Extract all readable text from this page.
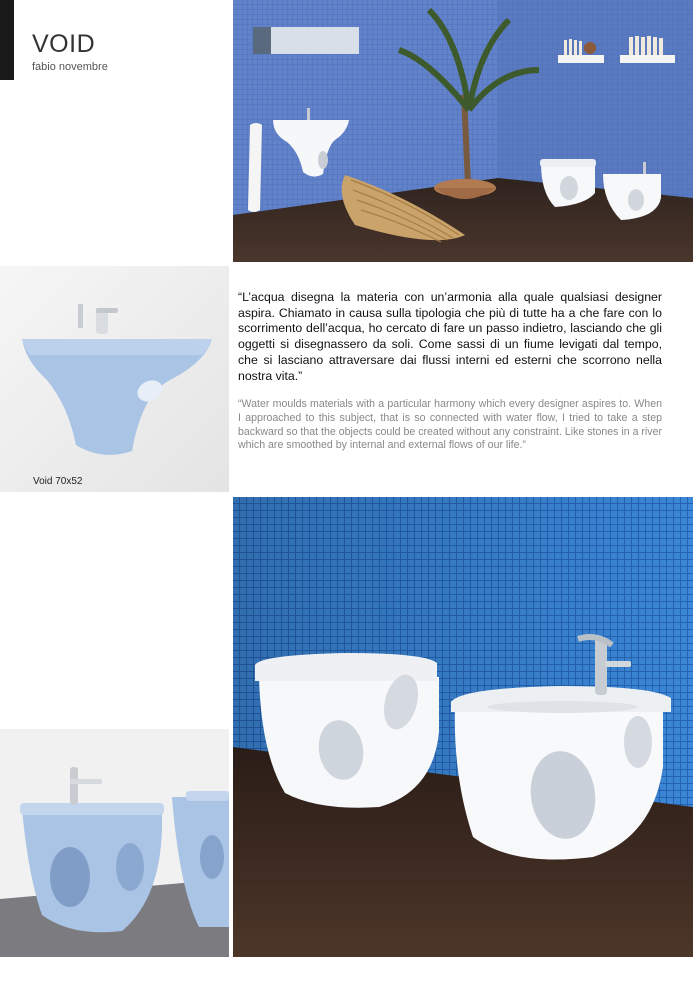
VOID
fabio novembre
Void 70x52

“L’acqua disegna la materia con un’armonia alla quale qualsiasi designer aspira. Chiamato in causa sulla tipologia che più di tutte ha a che fare con lo scorrimento dell’acqua, ho cercato di fare un passo indietro, lasciando che gli oggetti si disegnassero da soli. Come sassi di un fiume levigati dal tempo, che si lasciano attraversare dai flussi interni ed esterni che scorrono nella nostra vita.”

“Water moulds materials with a particular harmony which every designer aspires to. When I approached to this subject, that is so connected with water flow, I tried to take a step backward so that the objects could be created without any constraint. Like stones in a river which are smoothed by internal and external flows of our life.”
